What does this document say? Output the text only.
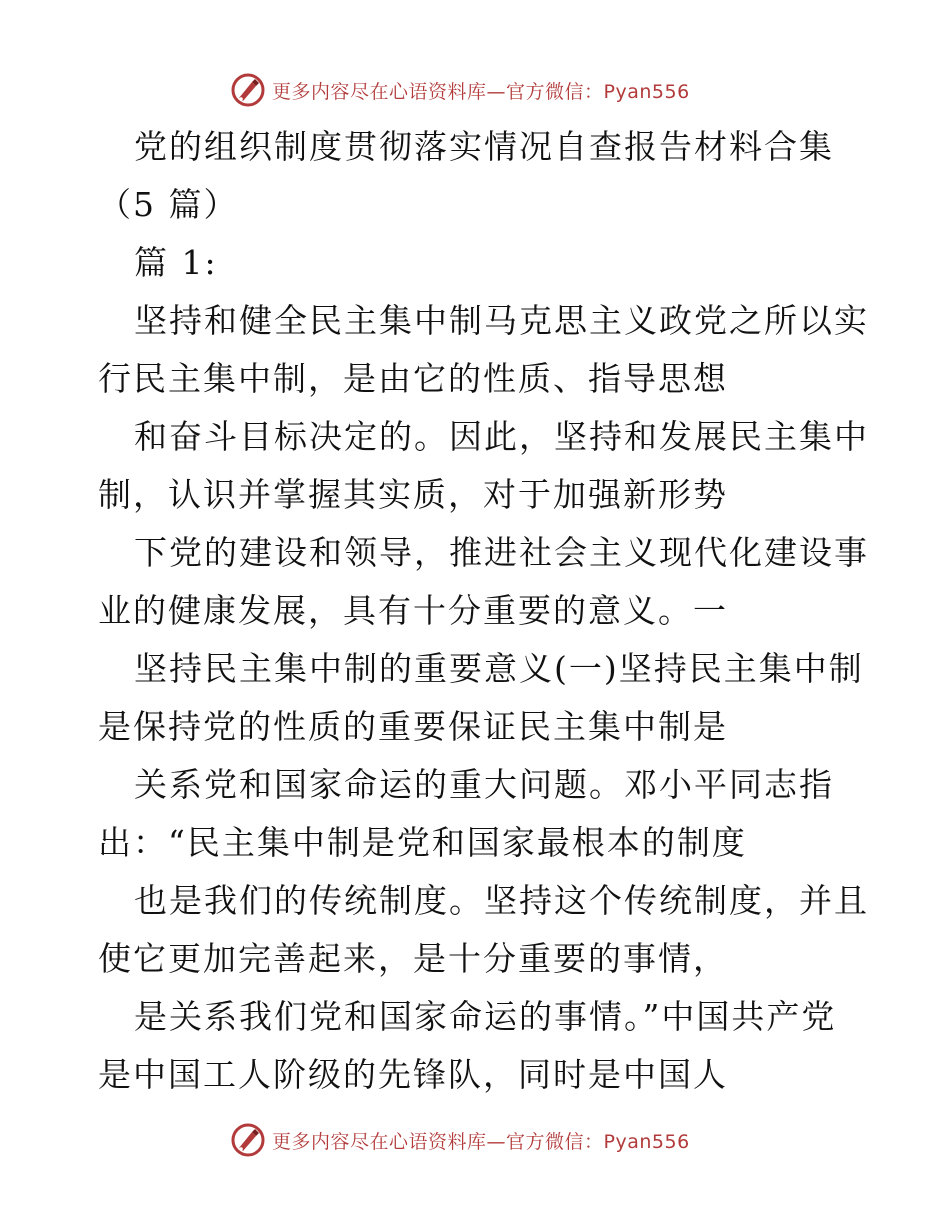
更多内容尽在心语资料库—官方微信：Pyan556
党的组织制度贯彻落实情况自查报告材料合集
（5 篇）
篇 1:
坚持和健全民主集中制马克思主义政党之所以实
行民主集中制，是由它的性质、指导思想
和奋斗目标决定的。因此，坚持和发展民主集中
制，认识并掌握其实质，对于加强新形势
下党的建设和领导，推进社会主义现代化建设事
业的健康发展，具有十分重要的意义。一
坚持民主集中制的重要意义(一)坚持民主集中制
是保持党的性质的重要保证民主集中制是
关系党和国家命运的重大问题。邓小平同志指
出：“民主集中制是党和国家最根本的制度
也是我们的传统制度。坚持这个传统制度，并且
使它更加完善起来，是十分重要的事情，
是关系我们党和国家命运的事情。”中国共产党
是中国工人阶级的先锋队，同时是中国人
更多内容尽在心语资料库—官方微信：Pyan556
